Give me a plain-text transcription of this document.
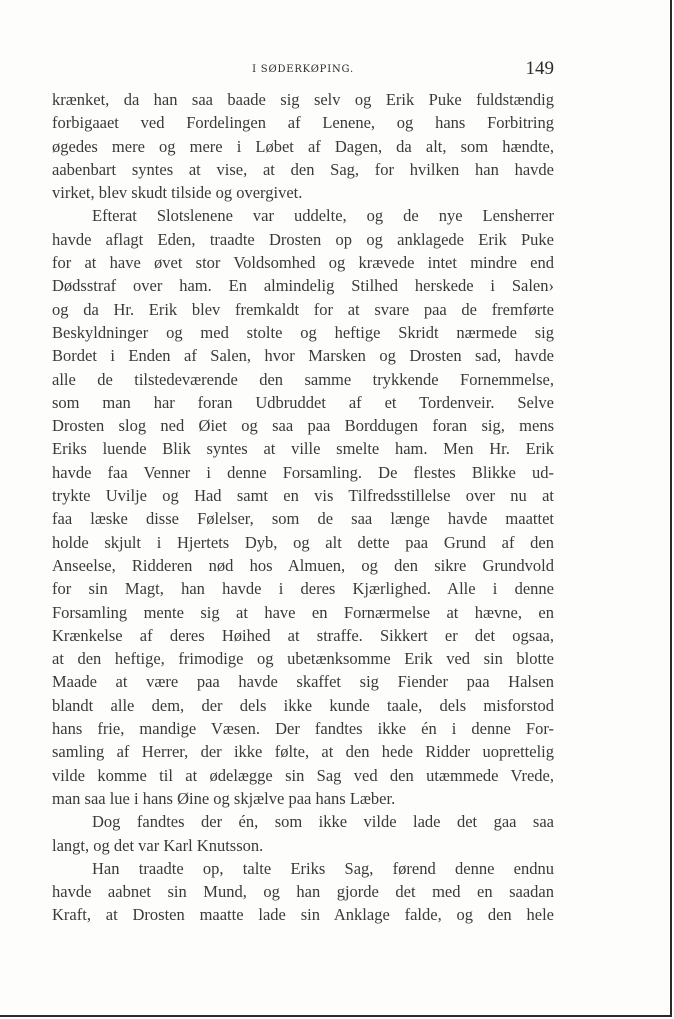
I SØDERKØPING.	149
krænket, da han saa baade sig selv og Erik Puke fuldstændig
forbigaaet ved Fordelingen af Lenene, og hans Forbitring
øgedes mere og mere i Løbet af Dagen, da alt, som hændte,
aabenbart syntes at vise, at den Sag, for hvilken han havde
virket, blev skudt tilside og overgivet.
Efterat Slotslenene var uddelte, og de nye Lensherrer
havde aflagt Eden, traadte Drosten op og anklagede Erik Puke
for at have øvet stor Voldsomhed og krævede intet mindre end
Dødsstraf over ham. En almindelig Stilhed herskede i Salen›
og da Hr. Erik blev fremkaldt for at svare paa de fremførte
Beskyldninger og med stolte og heftige Skridt nærmede sig
Bordet i Enden af Salen, hvor Marsken og Drosten sad, havde
alle de tilstedeværende den samme trykkende Fornemmelse,
som man har foran Udbruddet af et Tordenveir. Selve
Drosten slog ned Øiet og saa paa Borddugen foran sig, mens
Eriks luende Blik syntes at ville smelte ham. Men Hr. Erik
havde faa Venner i denne Forsamling. De flestes Blikke ud-
trykte Uvilje og Had samt en vis Tilfredsstillelse over nu at
faa læske disse Følelser, som de saa længe havde maattet
holde skjult i Hjertets Dyb, og alt dette paa Grund af den
Anseelse, Ridderen nød hos Almuen, og den sikre Grundvold
for sin Magt, han havde i deres Kjærlighed. Alle i denne
Forsamling mente sig at have en Fornærmelse at hævne, en
Krænkelse af deres Høihed at straffe. Sikkert er det ogsaa,
at den heftige, frimodige og ubetænksomme Erik ved sin blotte
Maade at være paa havde skaffet sig Fiender paa Halsen
blandt alle dem, der dels ikke kunde taale, dels misforstod
hans frie, mandige Væsen. Der fandtes ikke én i denne For-
samling af Herrer, der ikke følte, at den hede Ridder uoprettelig
vilde komme til at ødelægge sin Sag ved den utæmmede Vrede,
man saa lue i hans Øine og skjælve paa hans Læber.
Dog fandtes der én, som ikke vilde lade det gaa saa
langt, og det var Karl Knutsson.
Han traadte op, talte Eriks Sag, førend denne endnu
havde aabnet sin Mund, og han gjorde det med en saadan
Kraft, at Drosten maatte lade sin Anklage falde, og den hele
